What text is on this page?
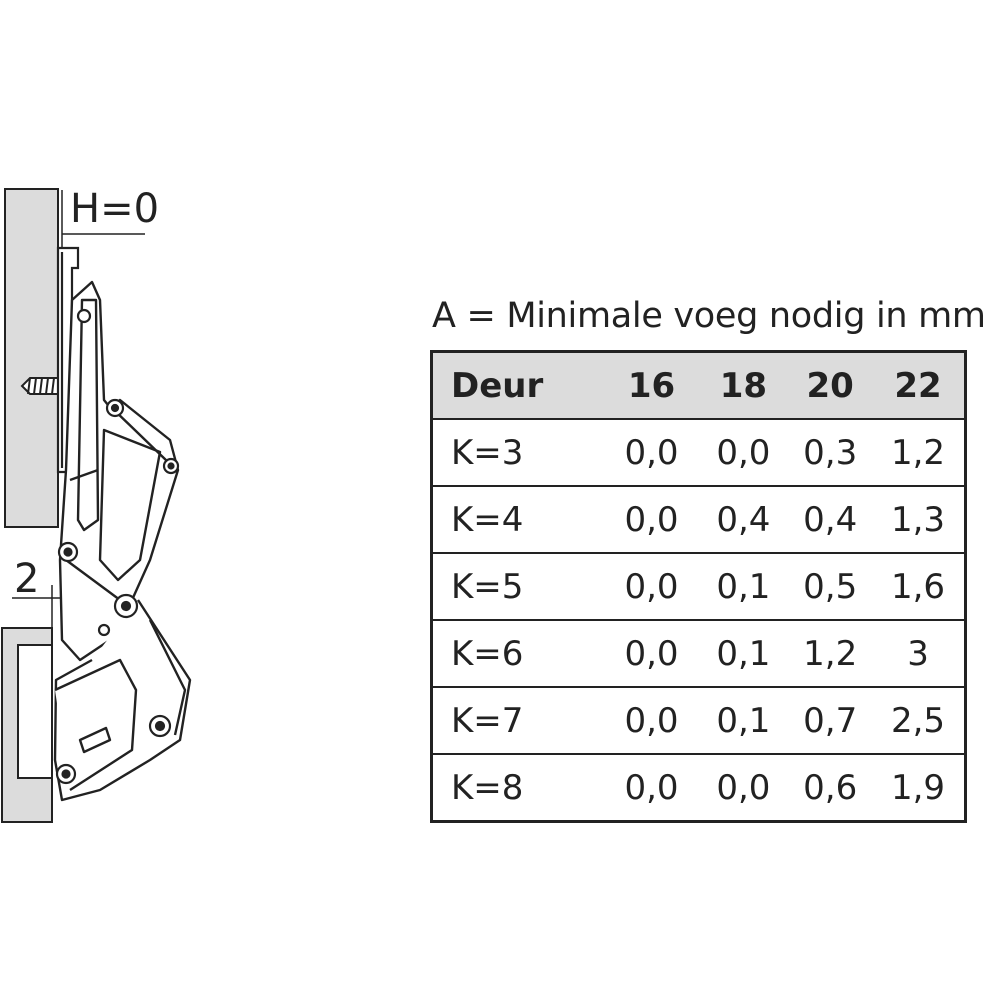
H=0
2
A = Minimale voeg nodig in mm
Deur	16	18	20	22
K=3	0,0	0,0	0,3	1,2
K=4	0,0	0,4	0,4	1,3
K=5	0,0	0,1	0,5	1,6
K=6	0,0	0,1	1,2	3
K=7	0,0	0,1	0,7	2,5
K=8	0,0	0,0	0,6	1,9
